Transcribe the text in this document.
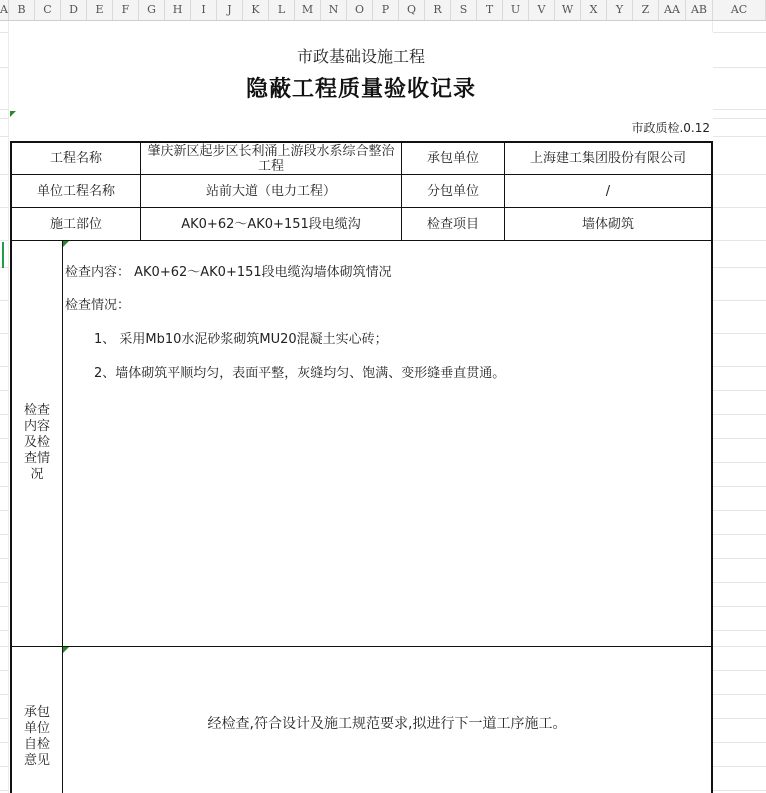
A B	C	D	E	F	G	H	I	J	K	L	M	N	O	P	Q	R	S	T	U	V	W	X	Y	Z	AA	AB	AC
市政基础设施工程
隐蔽工程质量验收记录
市政质检.0.12
工程名称	肇庆新区起步区长利涌上游段水系综合整治工程	承包单位	上海建工集团股份有限公司
单位工程名称	站前大道（电力工程）	分包单位	/
施工部位	AK0+62～AK0+151段电缆沟	检查项目	墙体砌筑
检查内容及检查情况
检查内容： AK0+62～AK0+151段电缆沟墙体砌筑情况
检查情况：
1、 采用Mb10水泥砂浆砌筑MU20混凝土实心砖；
2、墙体砌筑平顺均匀，表面平整，灰缝均匀、饱满、变形缝垂直贯通。
承包单位自检意见
经检查,符合设计及施工规范要求,拟进行下一道工序施工。
